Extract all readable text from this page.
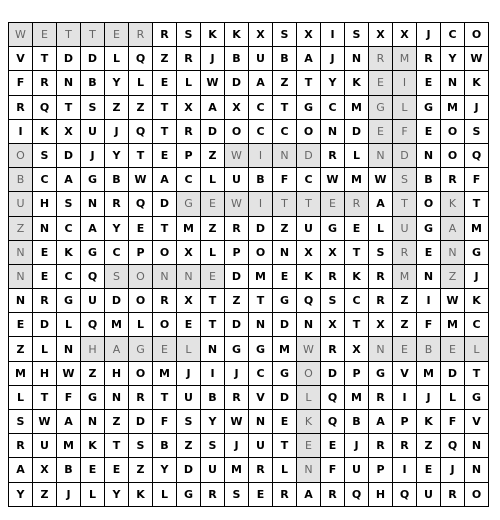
W	E	T	T	E	R	R	S	K	K	X	S	X	I	S	X	X	J	C	O
V	T	D	D	L	Q	Z	R	J	B	U	B	A	J	N	R	M	R	Y	W
F	R	N	B	Y	L	E	L	W	D	A	Z	T	Y	K	E	I	E	N	K
R	Q	T	S	Z	Z	T	X	A	X	C	T	G	C	M	G	L	G	M	J
I	K	X	U	J	Q	T	R	D	O	C	C	O	N	D	E	F	E	O	S
O	S	D	J	Y	T	E	P	Z	W	I	N	D	R	L	N	D	N	O	Q
B	C	A	G	B	W	A	C	L	U	B	F	C	W	M	W	S	B	R	F
U	H	S	N	R	Q	D	G	E	W	I	T	T	E	R	A	T	O	K	T
Z	N	C	A	Y	E	T	M	Z	R	D	Z	U	G	E	L	U	G	A	M
N	E	K	G	C	P	O	X	L	P	O	N	X	X	T	S	R	E	N	G
N	E	C	Q	S	O	N	N	E	D	M	E	K	R	K	R	M	N	Z	J
N	R	G	U	D	O	R	X	T	Z	T	G	Q	S	C	R	Z	I	W	K
E	D	L	Q	M	L	O	E	T	D	N	D	N	X	T	X	Z	F	M	C
Z	L	N	H	A	G	E	L	N	G	G	M	W	R	X	N	E	B	E	L
M	H	W	Z	H	O	M	J	I	J	C	G	O	D	P	G	V	M	D	T
L	T	F	G	N	R	T	U	B	R	V	D	L	Q	M	R	I	J	L	G
S	W	A	N	Z	D	F	S	Y	W	N	E	K	Q	B	A	P	K	F	V
R	U	M	K	T	S	B	Z	S	J	U	T	E	E	J	R	R	Z	Q	N
A	X	B	E	E	Z	Y	D	U	M	R	L	N	F	U	P	I	E	J	N
Y	Z	J	L	Y	K	L	G	R	S	E	R	A	R	Q	H	Q	U	R	O
